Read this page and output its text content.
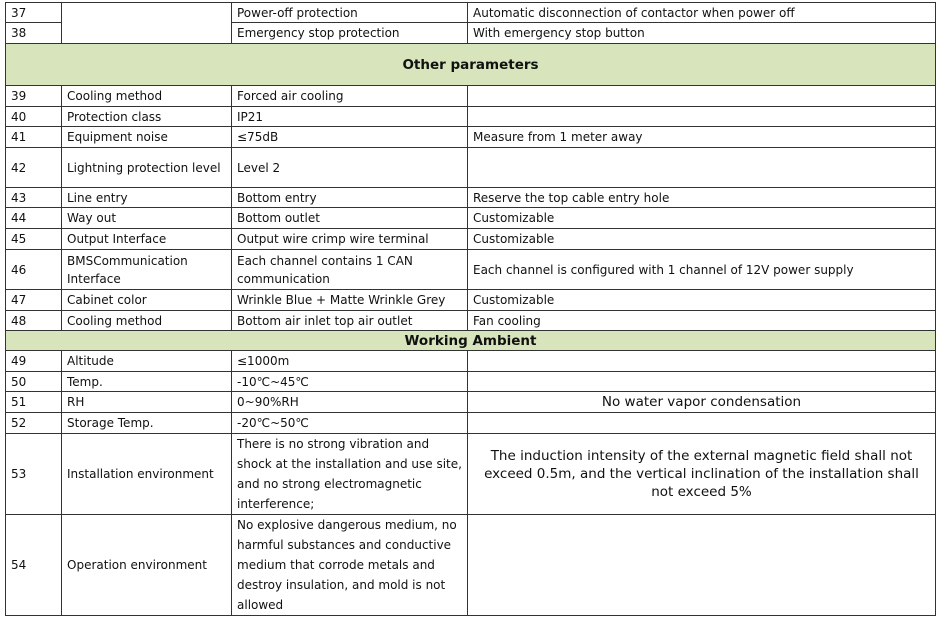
37		Power-off protection	Automatic disconnection of contactor when power off
38		Emergency stop protection	With emergency stop button
Other parameters			
39	Cooling method	Forced air cooling	
40	Protection class	IP21	
41	Equipment noise	≤75dB	Measure from 1 meter away
42	Lightning protection level	Level 2	
43	Line entry	Bottom entry	Reserve the top cable entry hole
44	Way out	Bottom outlet	Customizable
45	Output Interface	Output wire crimp wire terminal	Customizable
46	BMSCommunication Interface	Each channel contains 1 CAN communication	Each channel is configured with 1 channel of 12V power supply
47	Cabinet color	Wrinkle Blue + Matte Wrinkle Grey	Customizable
48	Cooling method	Bottom air inlet top air outlet	Fan cooling
Working Ambient			
49	Altitude	≤1000m	
50	Temp.	-10℃~45℃	
51	RH	0~90%RH	No water vapor condensation
52	Storage Temp.	-20℃~50℃	
53	Installation environment	There is no strong vibration and shock at the installation and use site, and no strong electromagnetic interference;	The induction intensity of the external magnetic field shall not exceed 0.5m, and the vertical inclination of the installation shall not exceed 5%
54	Operation environment	No explosive dangerous medium, no harmful substances and conductive medium that corrode metals and destroy insulation, and mold is not allowed	
